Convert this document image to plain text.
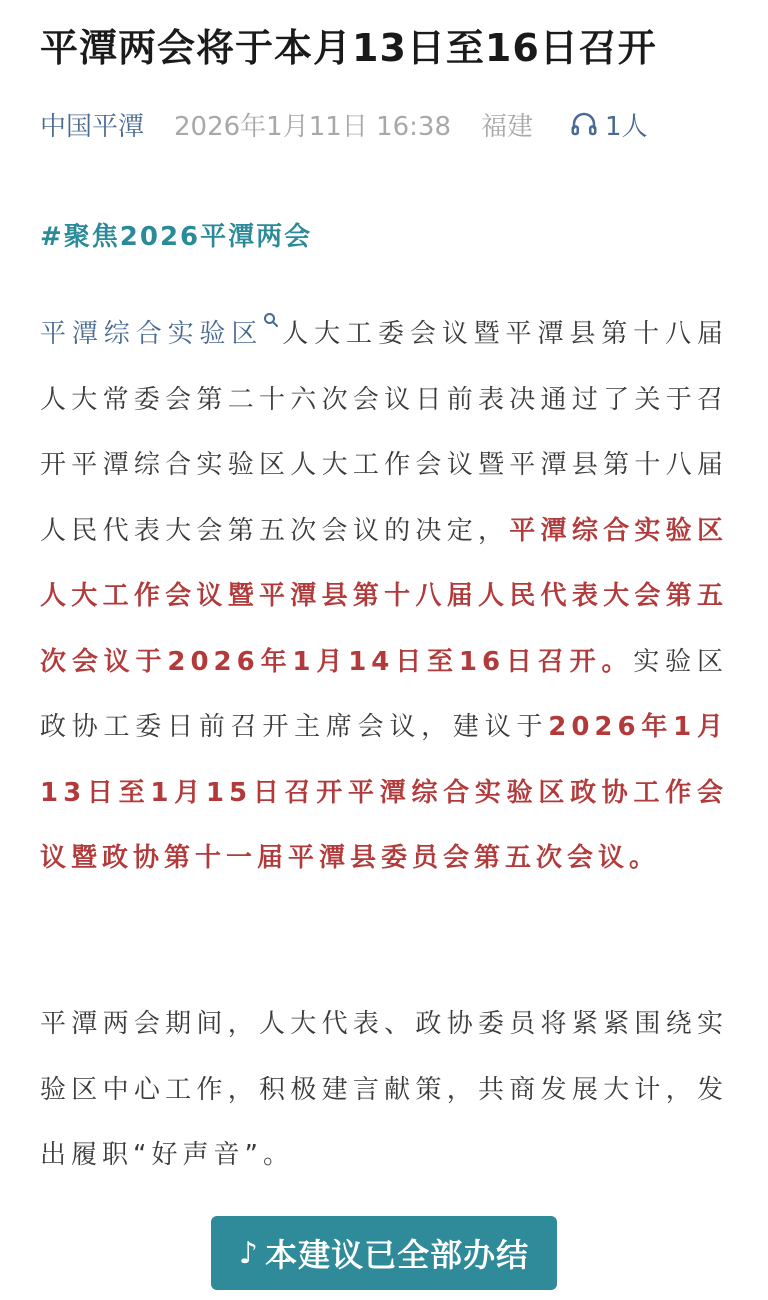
平潭两会将于本月13日至16日召开
中国平潭 2026年1月11日 16:38 福建	1人
#聚焦2026平潭两会

平潭综合实验区 人大工委会议暨平潭县第十八届人大常委会第二十六次会议日前表决通过了关于召开平潭综合实验区人大工作会议暨平潭县第十八届人民代表大会第五次会议的决定，平潭综合实验区人大工作会议暨平潭县第十八届人民代表大会第五次会议于2026年1月14日至16日召开。实验区政协工委日前召开主席会议，建议于2026年1月13日至1月15日召开平潭综合实验区政协工作会议暨政协第十一届平潭县委员会第五次会议。

平潭两会期间，人大代表、政协委员将紧紧围绕实验区中心工作，积极建言献策，共商发展大计，发出履职“好声音”。

♪ 本建议已全部办结
